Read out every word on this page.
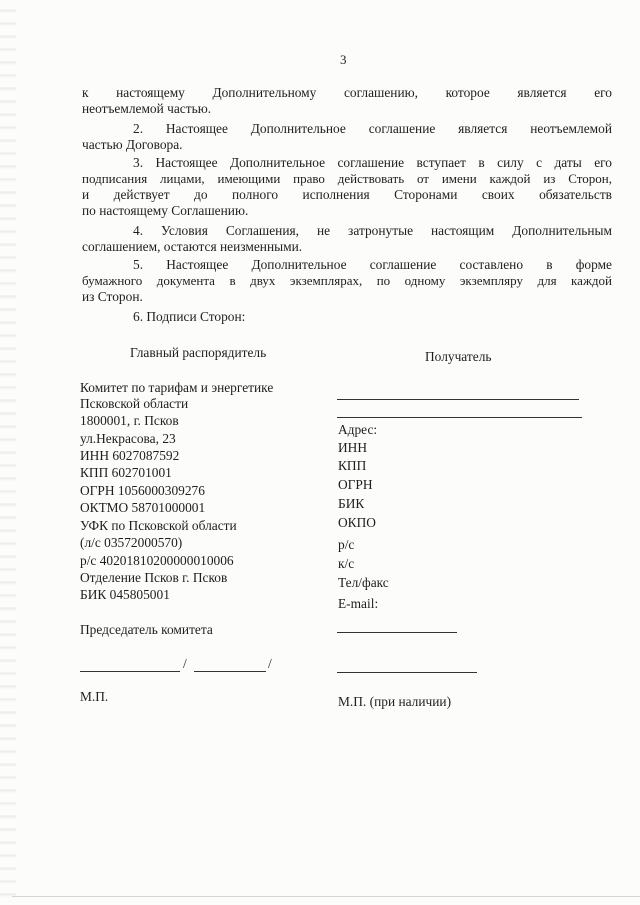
3
к настоящему Дополнительному соглашению, которое является его
неотъемлемой частью.
2. Настоящее Дополнительное соглашение является неотъемлемой
частью Договора.
3. Настоящее Дополнительное соглашение вступает в силу с даты его
подписания лицами, имеющими право действовать от имени каждой из Сторон,
и действует до полного исполнения Сторонами своих обязательств
по настоящему Соглашению.
4. Условия Соглашения, не затронутые настоящим Дополнительным
соглашением, остаются неизменными.
5. Настоящее Дополнительное соглашение составлено в форме
бумажного документа в двух экземплярах, по одному экземпляру для каждой
из Сторон.
6. Подписи Сторон:
Главный распорядитель	Получатель
Комитет по тарифам и энергетике
Псковской области
1800001, г. Псков
ул.Некрасова, 23
ИНН 6027087592
КПП 602701001
ОГРН 1056000309276
ОКТМО 58701000001
УФК по Псковской области
(л/с 03572000570)
р/с 40201810200000010006
Отделение Псков г. Псков
БИК 045805001
Председатель комитета
/	/
М.П.
Адрес:
ИНН
КПП
ОГРН
БИК
ОКПО
р/с
к/с
Тел/факс
E-mail:
М.П. (при наличии)
